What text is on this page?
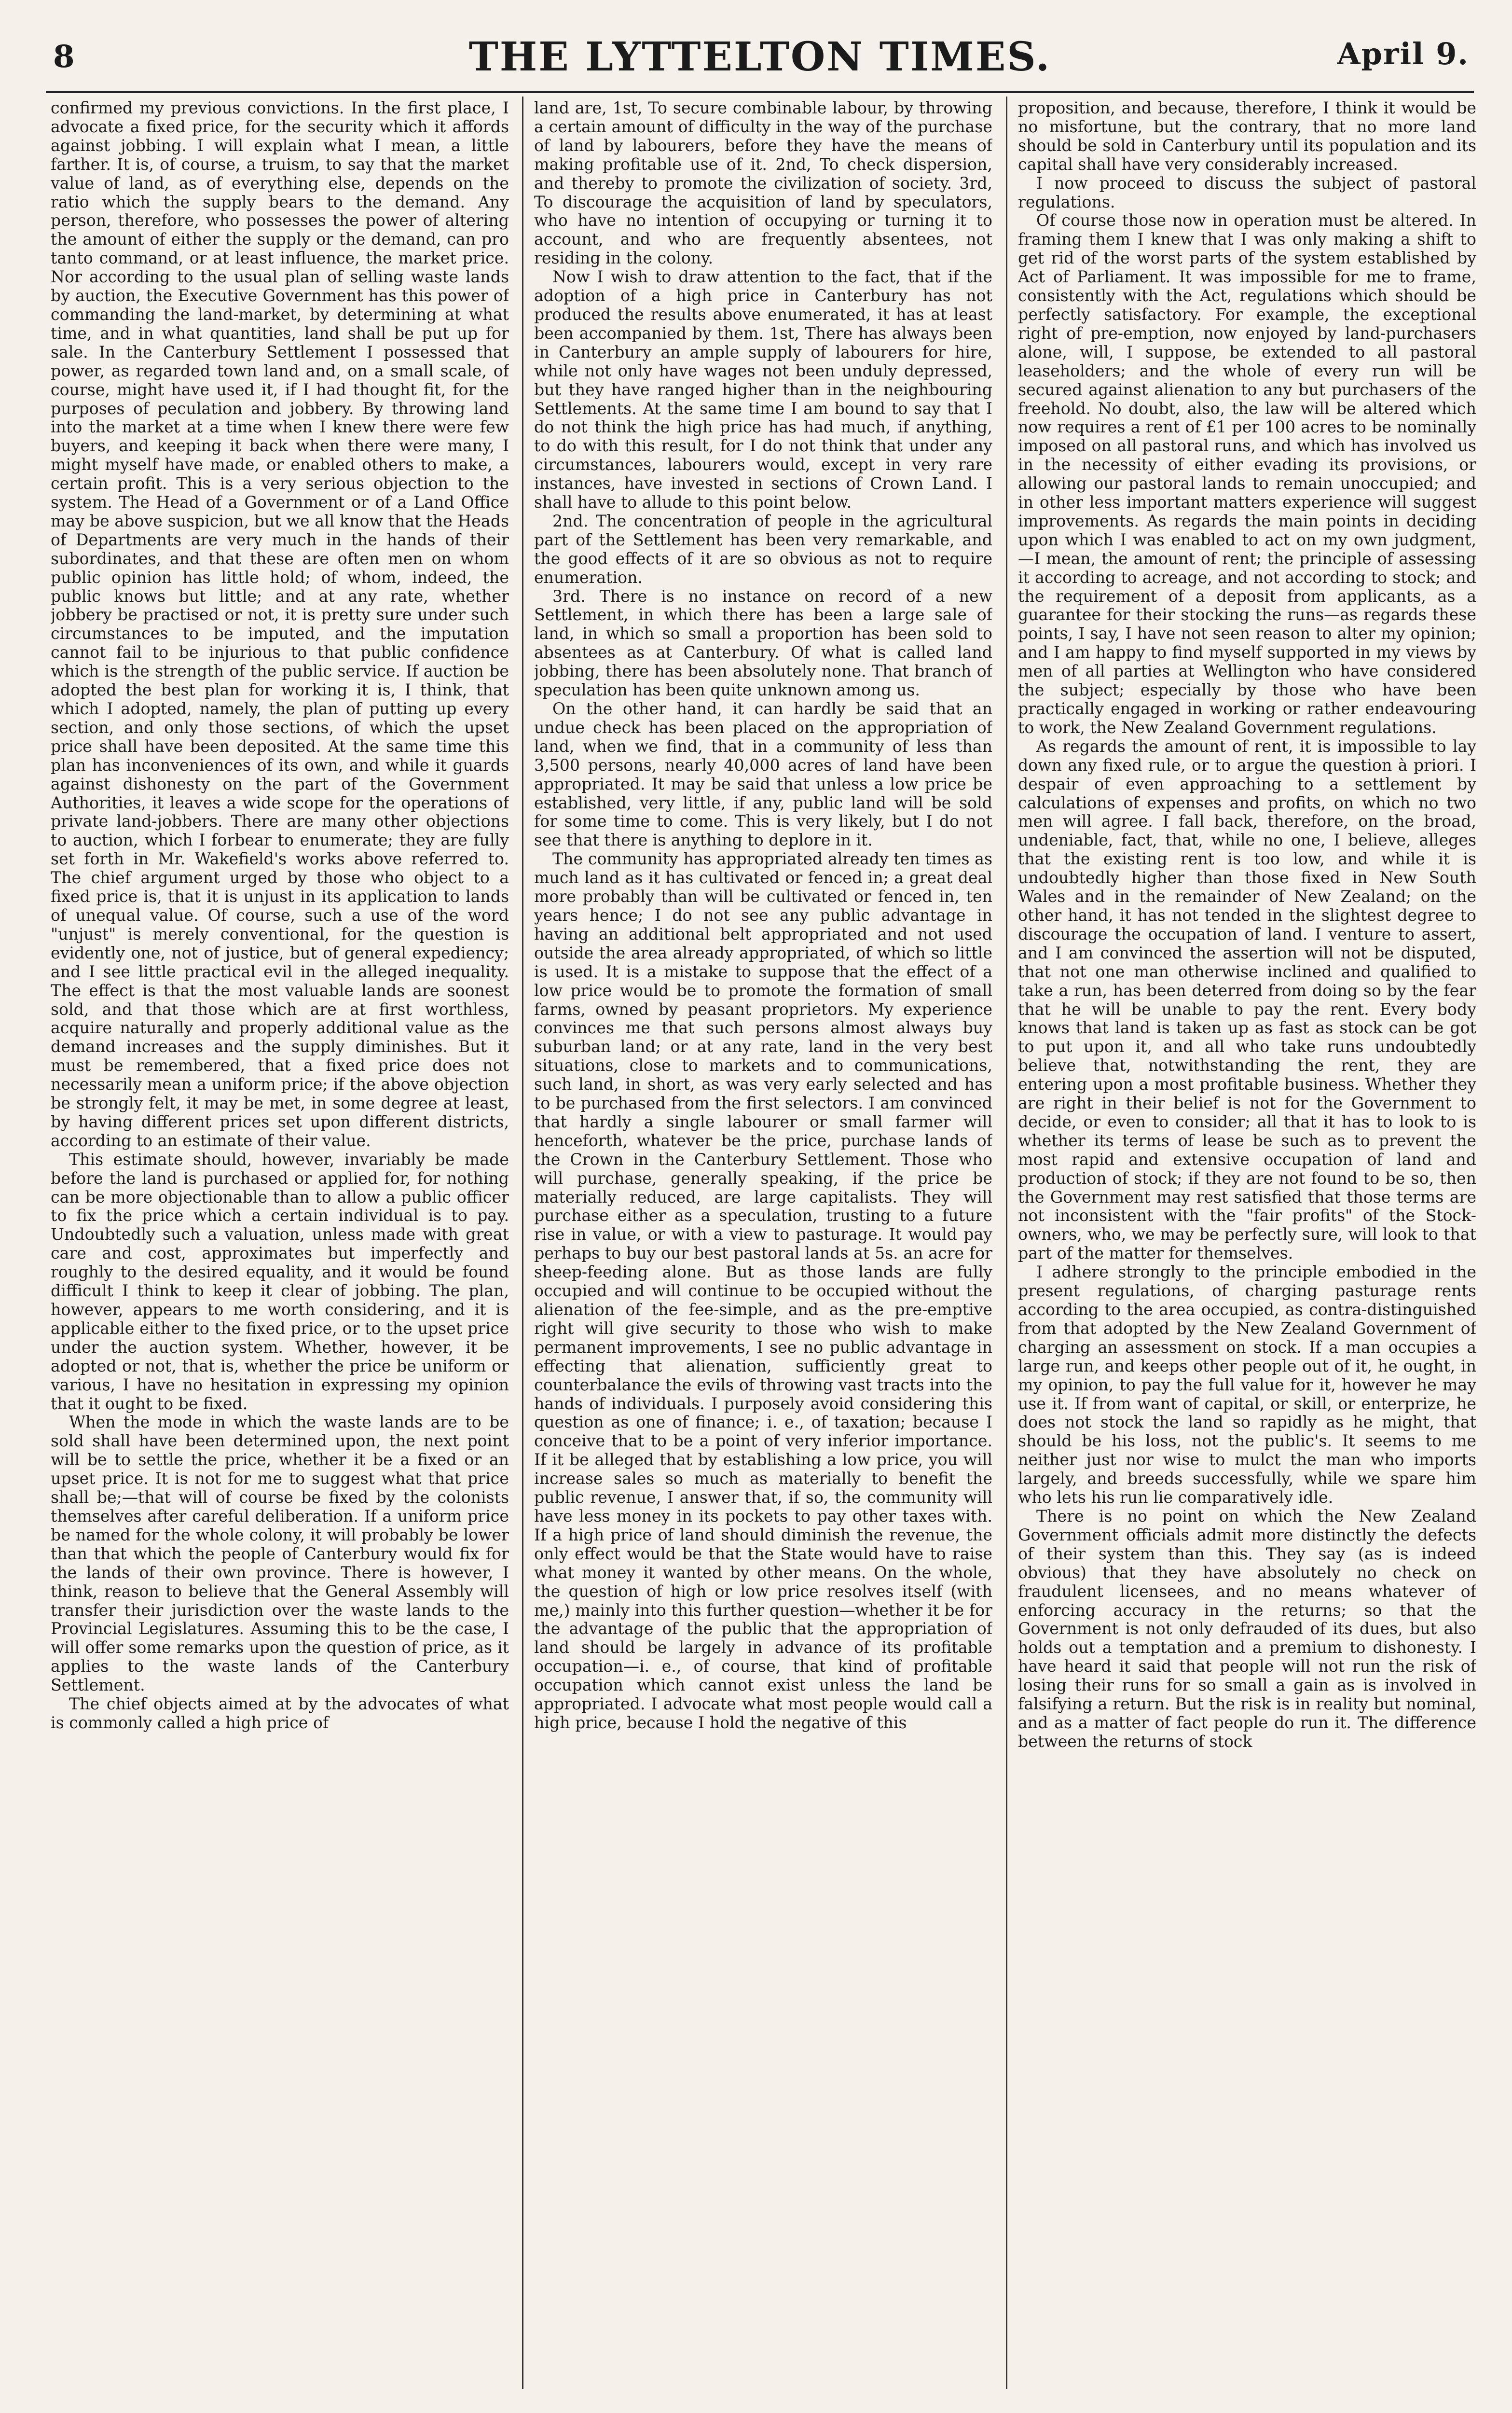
8	THE LYTTELTON TIMES.	April 9.

confirmed my previous convictions. In the first place, I advocate a fixed price, for the security which it affords against jobbing. I will explain what I mean, a little farther. It is, of course, a truism, to say that the market value of land, as of everything else, depends on the ratio which the supply bears to the demand. Any person, therefore, who possesses the power of altering the amount of either the supply or the demand, can pro tanto command, or at least influence, the market price. Nor according to the usual plan of selling waste lands by auction, the Executive Government has this power of commanding the land-market, by determining at what time, and in what quantities, land shall be put up for sale. In the Canterbury Settlement I possessed that power, as regarded town land and, on a small scale, of course, might have used it, if I had thought fit, for the purposes of peculation and jobbery. By throwing land into the market at a time when I knew there were few buyers, and keeping it back when there were many, I might myself have made, or enabled others to make, a certain profit. This is a very serious objection to the system. The Head of a Government or of a Land Office may be above suspicion, but we all know that the Heads of Departments are very much in the hands of their subordinates, and that these are often men on whom public opinion has little hold; of whom, indeed, the public knows but little; and at any rate, whether jobbery be practised or not, it is pretty sure under such circumstances to be imputed, and the imputation cannot fail to be injurious to that public confidence which is the strength of the public service. If auction be adopted the best plan for working it is, I think, that which I adopted, namely, the plan of putting up every section, and only those sections, of which the upset price shall have been deposited. At the same time this plan has inconveniences of its own, and while it guards against dishonesty on the part of the Government Authorities, it leaves a wide scope for the operations of private land-jobbers. There are many other objections to auction, which I forbear to enumerate; they are fully set forth in Mr. Wakefield's works above referred to. The chief argument urged by those who object to a fixed price is, that it is unjust in its application to lands of unequal value. Of course, such a use of the word "unjust" is merely conventional, for the question is evidently one, not of justice, but of general expediency; and I see little practical evil in the alleged inequality. The effect is that the most valuable lands are soonest sold, and that those which are at first worthless, acquire naturally and properly additional value as the demand increases and the supply diminishes. But it must be remembered, that a fixed price does not necessarily mean a uniform price; if the above objection be strongly felt, it may be met, in some degree at least, by having different prices set upon different districts, according to an estimate of their value.

This estimate should, however, invariably be made before the land is purchased or applied for, for nothing can be more objectionable than to allow a public officer to fix the price which a certain individual is to pay. Undoubtedly such a valuation, unless made with great care and cost, approximates but imperfectly and roughly to the desired equality, and it would be found difficult I think to keep it clear of jobbing. The plan, however, appears to me worth considering, and it is applicable either to the fixed price, or to the upset price under the auction system. Whether, however, it be adopted or not, that is, whether the price be uniform or various, I have no hesitation in expressing my opinion that it ought to be fixed.

When the mode in which the waste lands are to be sold shall have been determined upon, the next point will be to settle the price, whether it be a fixed or an upset price. It is not for me to suggest what that price shall be;—that will of course be fixed by the colonists themselves after careful deliberation. If a uniform price be named for the whole colony, it will probably be lower than that which the people of Canterbury would fix for the lands of their own province. There is however, I think, reason to believe that the General Assembly will transfer their jurisdiction over the waste lands to the Provincial Legislatures. Assuming this to be the case, I will offer some remarks upon the question of price, as it applies to the waste lands of the Canterbury Settlement.

The chief objects aimed at by the advocates of what is commonly called a high price of

land are, 1st, To secure combinable labour, by throwing a certain amount of difficulty in the way of the purchase of land by labourers, before they have the means of making profitable use of it. 2nd, To check dispersion, and thereby to promote the civilization of society. 3rd, To discourage the acquisition of land by speculators, who have no intention of occupying or turning it to account, and who are frequently absentees, not residing in the colony.

Now I wish to draw attention to the fact, that if the adoption of a high price in Canterbury has not produced the results above enumerated, it has at least been accompanied by them. 1st, There has always been in Canterbury an ample supply of labourers for hire, while not only have wages not been unduly depressed, but they have ranged higher than in the neighbouring Settlements. At the same time I am bound to say that I do not think the high price has had much, if anything, to do with this result, for I do not think that under any circumstances, labourers would, except in very rare instances, have invested in sections of Crown Land. I shall have to allude to this point below.

2nd. The concentration of people in the agricultural part of the Settlement has been very remarkable, and the good effects of it are so obvious as not to require enumeration.

3rd. There is no instance on record of a new Settlement, in which there has been a large sale of land, in which so small a proportion has been sold to absentees as at Canterbury. Of what is called land jobbing, there has been absolutely none. That branch of speculation has been quite unknown among us.

On the other hand, it can hardly be said that an undue check has been placed on the appropriation of land, when we find, that in a community of less than 3,500 persons, nearly 40,000 acres of land have been appropriated. It may be said that unless a low price be established, very little, if any, public land will be sold for some time to come. This is very likely, but I do not see that there is anything to deplore in it.

The community has appropriated already ten times as much land as it has cultivated or fenced in; a great deal more probably than will be cultivated or fenced in, ten years hence; I do not see any public advantage in having an additional belt appropriated and not used outside the area already appropriated, of which so little is used. It is a mistake to suppose that the effect of a low price would be to promote the formation of small farms, owned by peasant proprietors. My experience convinces me that such persons almost always buy suburban land; or at any rate, land in the very best situations, close to markets and to communications, such land, in short, as was very early selected and has to be purchased from the first selectors. I am convinced that hardly a single labourer or small farmer will henceforth, whatever be the price, purchase lands of the Crown in the Canterbury Settlement. Those who will purchase, generally speaking, if the price be materially reduced, are large capitalists. They will purchase either as a speculation, trusting to a future rise in value, or with a view to pasturage. It would pay perhaps to buy our best pastoral lands at 5s. an acre for sheep-feeding alone. But as those lands are fully occupied and will continue to be occupied without the alienation of the fee-simple, and as the pre-emptive right will give security to those who wish to make permanent improvements, I see no public advantage in effecting that alienation, sufficiently great to counterbalance the evils of throwing vast tracts into the hands of individuals. I purposely avoid considering this question as one of finance; i. e., of taxation; because I conceive that to be a point of very inferior importance. If it be alleged that by establishing a low price, you will increase sales so much as materially to benefit the public revenue, I answer that, if so, the community will have less money in its pockets to pay other taxes with. If a high price of land should diminish the revenue, the only effect would be that the State would have to raise what money it wanted by other means. On the whole, the question of high or low price resolves itself (with me,) mainly into this further question—whether it be for the advantage of the public that the appropriation of land should be largely in advance of its profitable occupation—i. e., of course, that kind of profitable occupation which cannot exist unless the land be appropriated. I advocate what most people would call a high price, because I hold the negative of this

proposition, and because, therefore, I think it would be no misfortune, but the contrary, that no more land should be sold in Canterbury until its population and its capital shall have very considerably increased.

I now proceed to discuss the subject of pastoral regulations.

Of course those now in operation must be altered. In framing them I knew that I was only making a shift to get rid of the worst parts of the system established by Act of Parliament. It was impossible for me to frame, consistently with the Act, regulations which should be perfectly satisfactory. For example, the exceptional right of pre-emption, now enjoyed by land-purchasers alone, will, I suppose, be extended to all pastoral leaseholders; and the whole of every run will be secured against alienation to any but purchasers of the freehold. No doubt, also, the law will be altered which now requires a rent of £1 per 100 acres to be nominally imposed on all pastoral runs, and which has involved us in the necessity of either evading its provisions, or allowing our pastoral lands to remain unoccupied; and in other less important matters experience will suggest improvements. As regards the main points in deciding upon which I was enabled to act on my own judgment,—I mean, the amount of rent; the principle of assessing it according to acreage, and not according to stock; and the requirement of a deposit from applicants, as a guarantee for their stocking the runs—as regards these points, I say, I have not seen reason to alter my opinion; and I am happy to find myself supported in my views by men of all parties at Wellington who have considered the subject; especially by those who have been practically engaged in working or rather endeavouring to work, the New Zealand Government regulations.

As regards the amount of rent, it is impossible to lay down any fixed rule, or to argue the question à priori. I despair of even approaching to a settlement by calculations of expenses and profits, on which no two men will agree. I fall back, therefore, on the broad, undeniable, fact, that, while no one, I believe, alleges that the existing rent is too low, and while it is undoubtedly higher than those fixed in New South Wales and in the remainder of New Zealand; on the other hand, it has not tended in the slightest degree to discourage the occupation of land. I venture to assert, and I am convinced the assertion will not be disputed, that not one man otherwise inclined and qualified to take a run, has been deterred from doing so by the fear that he will be unable to pay the rent. Every body knows that land is taken up as fast as stock can be got to put upon it, and all who take runs undoubtedly believe that, notwithstanding the rent, they are entering upon a most profitable business. Whether they are right in their belief is not for the Government to decide, or even to consider; all that it has to look to is whether its terms of lease be such as to prevent the most rapid and extensive occupation of land and production of stock; if they are not found to be so, then the Government may rest satisfied that those terms are not inconsistent with the "fair profits" of the Stock-owners, who, we may be perfectly sure, will look to that part of the matter for themselves.

I adhere strongly to the principle embodied in the present regulations, of charging pasturage rents according to the area occupied, as contra-distinguished from that adopted by the New Zealand Government of charging an assessment on stock. If a man occupies a large run, and keeps other people out of it, he ought, in my opinion, to pay the full value for it, however he may use it. If from want of capital, or skill, or enterprize, he does not stock the land so rapidly as he might, that should be his loss, not the public's. It seems to me neither just nor wise to mulct the man who imports largely, and breeds successfully, while we spare him who lets his run lie comparatively idle.

There is no point on which the New Zealand Government officials admit more distinctly the defects of their system than this. They say (as is indeed obvious) that they have absolutely no check on fraudulent licensees, and no means whatever of enforcing accuracy in the returns; so that the Government is not only defrauded of its dues, but also holds out a temptation and a premium to dishonesty. I have heard it said that people will not run the risk of losing their runs for so small a gain as is involved in falsifying a return. But the risk is in reality but nominal, and as a matter of fact people do run it. The difference between the returns of stock
